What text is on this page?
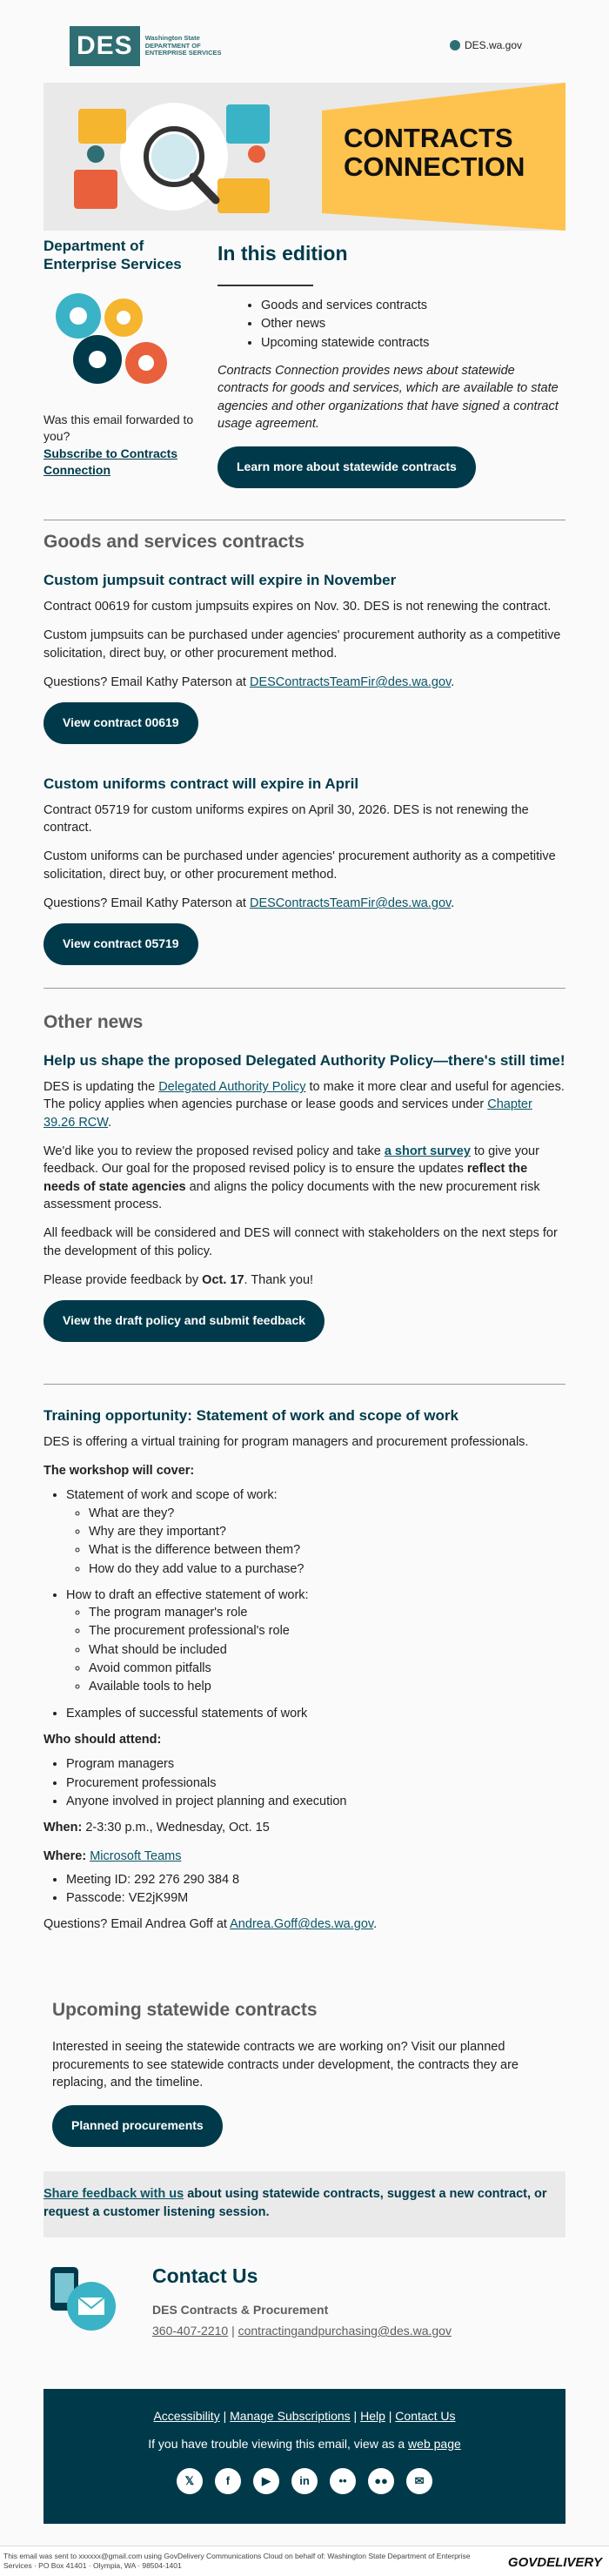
DES	Washington State
DEPARTMENT OF
ENTERPRISE SERVICES
DES.wa.gov
CONTRACTS
CONNECTION
Department of Enterprise Services
Was this email forwarded to you?
Subscribe to Contracts Connection
In this edition
• Goods and services contracts
• Other news
• Upcoming statewide contracts
Contracts Connection provides news about statewide contracts for goods and services, which are available to state agencies and other organizations that have signed a contract usage agreement.
Learn more about statewide contracts
Goods and services contracts
Custom jumpsuit contract will expire in November
Contract 00619 for custom jumpsuits expires on Nov. 30. DES is not renewing the contract.
Custom jumpsuits can be purchased under agencies' procurement authority as a competitive solicitation, direct buy, or other procurement method.
Questions? Email Kathy Paterson at DESContractsTeamFir@des.wa.gov.
View contract 00619
Custom uniforms contract will expire in April
Contract 05719 for custom uniforms expires on April 30, 2026. DES is not renewing the contract.
Custom uniforms can be purchased under agencies' procurement authority as a competitive solicitation, direct buy, or other procurement method.
Questions? Email Kathy Paterson at DESContractsTeamFir@des.wa.gov.
View contract 05719
Other news
Help us shape the proposed Delegated Authority Policy—there's still time!
DES is updating the Delegated Authority Policy to make it more clear and useful for agencies. The policy applies when agencies purchase or lease goods and services under Chapter 39.26 RCW.
We'd like you to review the proposed revised policy and take a short survey to give your feedback. Our goal for the proposed revised policy is to ensure the updates reflect the needs of state agencies and aligns the policy documents with the new procurement risk assessment process.
All feedback will be considered and DES will connect with stakeholders on the next steps for the development of this policy.
Please provide feedback by Oct. 17. Thank you!
View the draft policy and submit feedback
Training opportunity: Statement of work and scope of work
DES is offering a virtual training for program managers and procurement professionals.
The workshop will cover:
• Statement of work and scope of work:
◦ What are they?
◦ Why are they important?
◦ What is the difference between them?
◦ How do they add value to a purchase?
• How to draft an effective statement of work:
◦ The program manager's role
◦ The procurement professional's role
◦ What should be included
◦ Avoid common pitfalls
◦ Available tools to help
• Examples of successful statements of work
Who should attend:
• Program managers
• Procurement professionals
• Anyone involved in project planning and execution
When: 2-3:30 p.m., Wednesday, Oct. 15
Where: Microsoft Teams
• Meeting ID: 292 276 290 384 8
• Passcode: VE2jK99M
Questions? Email Andrea Goff at Andrea.Goff@des.wa.gov.
Upcoming statewide contracts
Interested in seeing the statewide contracts we are working on? Visit our planned procurements to see statewide contracts under development, the contracts they are replacing, and the timeline.
Planned procurements
Share feedback with us about using statewide contracts, suggest a new contract, or request a customer listening session.
Contact Us
DES Contracts & Procurement
360-407-2210 | contractingandpurchasing@des.wa.gov
Accessibility | Manage Subscriptions | Help | Contact Us
If you have trouble viewing this email, view as a web page
𝕏	f	▶	in	•• ●● ✉
This email was sent to xxxxxx@gmail.com using GovDelivery Communications Cloud on behalf of: Washington State Department of Enterprise Services · PO Box 41401 · Olympia, WA · 98504-1401	GOVDELIVERY
